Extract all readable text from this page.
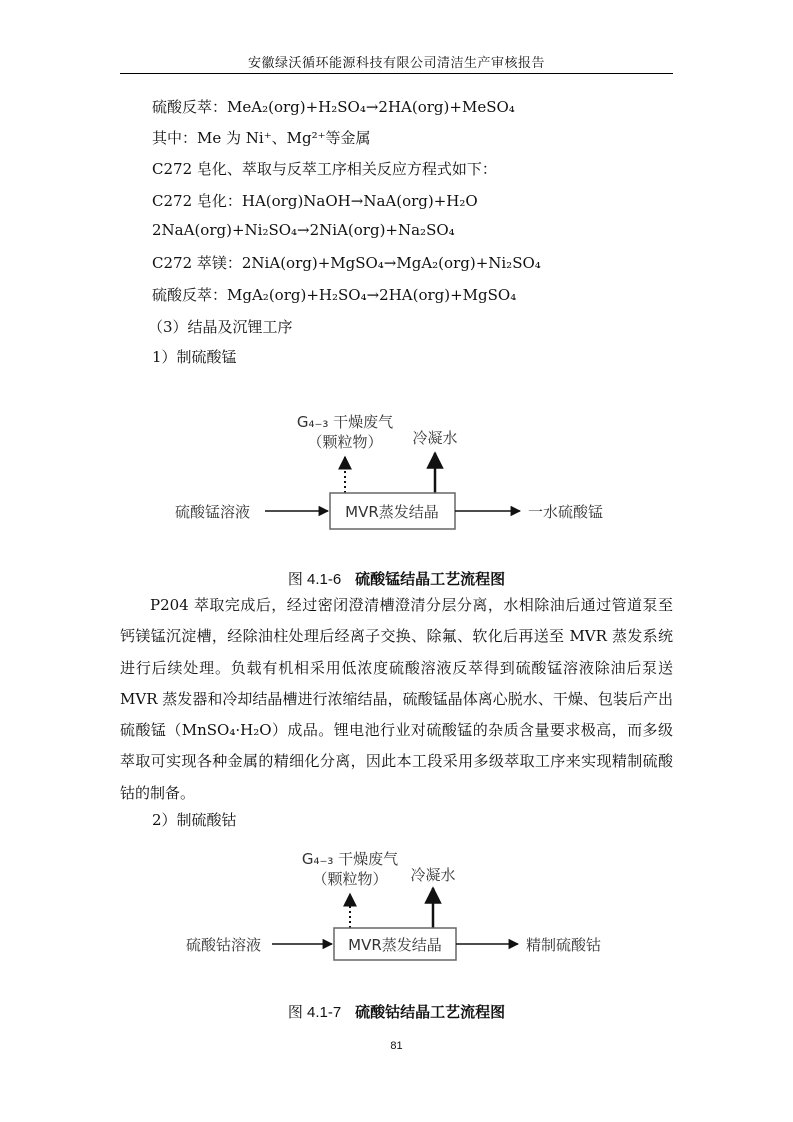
安徽绿沃循环能源科技有限公司清洁生产审核报告
硫酸反萃：MeA₂(org)+H₂SO₄→2HA(org)+MeSO₄
其中：Me 为 Ni⁺、Mg²⁺等金属
C272 皂化、萃取与反萃工序相关反应方程式如下：
C272 皂化：HA(org)NaOH→NaA(org)+H₂O
2NaA(org)+Ni₂SO₄→2NiA(org)+Na₂SO₄
C272 萃镁：2NiA(org)+MgSO₄→MgA₂(org)+Ni₂SO₄
硫酸反萃：MgA₂(org)+H₂SO₄→2HA(org)+MgSO₄
（3）结晶及沉锂工序
1）制硫酸锰
G₄₋₃ 干燥废气
（颗粒物） 冷凝水
MVR蒸发结晶
硫酸锰溶液	一水硫酸锰
图 4.1-6 硫酸锰结晶工艺流程图

P204 萃取完成后，经过密闭澄清槽澄清分层分离，水相除油后通过管道泵至钙镁锰沉淀槽，经除油柱处理后经离子交换、除氟、软化后再送至 MVR 蒸发系统进行后续处理。负载有机相采用低浓度硫酸溶液反萃得到硫酸锰溶液除油后泵送 MVR 蒸发器和冷却结晶槽进行浓缩结晶，硫酸锰晶体离心脱水、干燥、包装后产出硫酸锰（MnSO₄·H₂O）成品。锂电池行业对硫酸锰的杂质含量要求极高，而多级萃取可实现各种金属的精细化分离，因此本工段采用多级萃取工序来实现精制硫酸钴的制备。

2）制硫酸钴
G₄₋₃ 干燥废气
（颗粒物） 冷凝水
MVR蒸发结晶
硫酸钴溶液	精制硫酸钴
图 4.1-7 硫酸钴结晶工艺流程图
81
